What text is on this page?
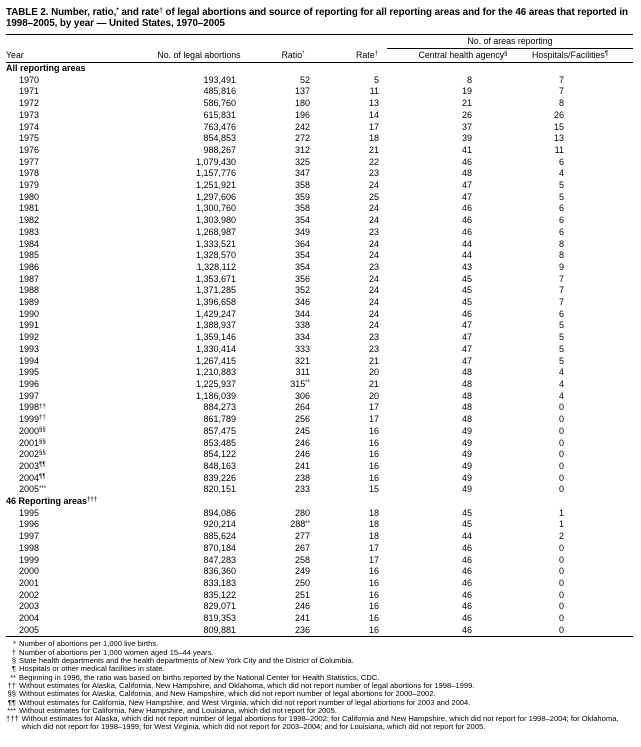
TABLE 2. Number, ratio,* and rate† of legal abortions and source of reporting for all reporting areas and for the 46 areas that reported in 1998–2005, by year — United States, 1970–2005
				No. of areas reporting	
Year	No. of legal abortions	Ratio*	Rate†	Central health agency§	Hospitals/Facilities¶
All reporting areas					
1970	193,491	52	5	8	7
1971	485,816	137	11	19	7
1972	586,760	180	13	21	8
1973	615,831	196	14	26	26
1974	763,476	242	17	37	15
1975	854,853	272	18	39	13
1976	988,267	312	21	41	11
1977	1,079,430	325	22	46	6
1978	1,157,776	347	23	48	4
1979	1,251,921	358	24	47	5
1980	1,297,606	359	25	47	5
1981	1,300,760	358	24	46	6
1982	1,303,980	354	24	46	6
1983	1,268,987	349	23	46	6
1984	1,333,521	364	24	44	8
1985	1,328,570	354	24	44	8
1986	1,328,112	354	23	43	9
1987	1,353,671	356	24	45	7
1988	1,371,285	352	24	45	7
1989	1,396,658	346	24	45	7
1990	1,429,247	344	24	46	6
1991	1,388,937	338	24	47	5
1992	1,359,146	334	23	47	5
1993	1,330,414	333	23	47	5
1994	1,267,415	321	21	47	5
1995	1,210,883	311	20	48	4
1996	1,225,937	315**	21	48	4
1997	1,186,039	306	20	48	4
1998††	884,273	264	17	48	0
1999††	861,789	256	17	48	0
2000§§	857,475	245	16	49	0
2001§§	853,485	246	16	49	0
2002§§	854,122	246	16	49	0
2003¶¶	848,163	241	16	49	0
2004¶¶	839,226	238	16	49	0
2005***	820,151	233	15	49	0
46 Reporting areas†††
1995	894,086	280	18	45	1
1996	920,214	288**	18	45	1
1997	885,624	277	18	44	2
1998	870,184	267	17	46	0
1999	847,283	258	17	46	0
2000	836,360	249	16	46	0
2001	833,183	250	16	46	0
2002	835,122	251	16	46	0
2003	829,071	246	16	46	0
2004	819,353	241	16	46	0
2005	809,881	236	16	46	0
* Number of abortions per 1,000 live births.
† Number of abortions per 1,000 women aged 15–44 years.
§ State health departments and the health departments of New York City and the District of Columbia.
¶ Hospitals or other medical facilities in state.
** Beginning in 1996, the ratio was based on births reported by the National Center for Health Statistics, CDC.
†† Without estimates for Alaska, California, New Hampshire, and Oklahoma, which did not report number of legal abortions for 1998–1999.
§§ Without estimates for Alaska, California, and New Hampshire, which did not report number of legal abortions for 2000–2002.
¶¶ Without estimates for California, New Hampshire, and West Virginia, which did not report number of legal abortions for 2003 and 2004.
*** Without estimates for California, New Hampshire, and Louisiana, which did not report for 2005.
††† Without estimates for Alaska, which did not report number of legal abortions for 1998–2002; for California and New Hampshire, which did not report for 1998–2004; for Oklahoma, which did not report for 1998–1999; for West Virginia, which did not report for 2003–2004; and for Louisiana, which did not report for 2005.
